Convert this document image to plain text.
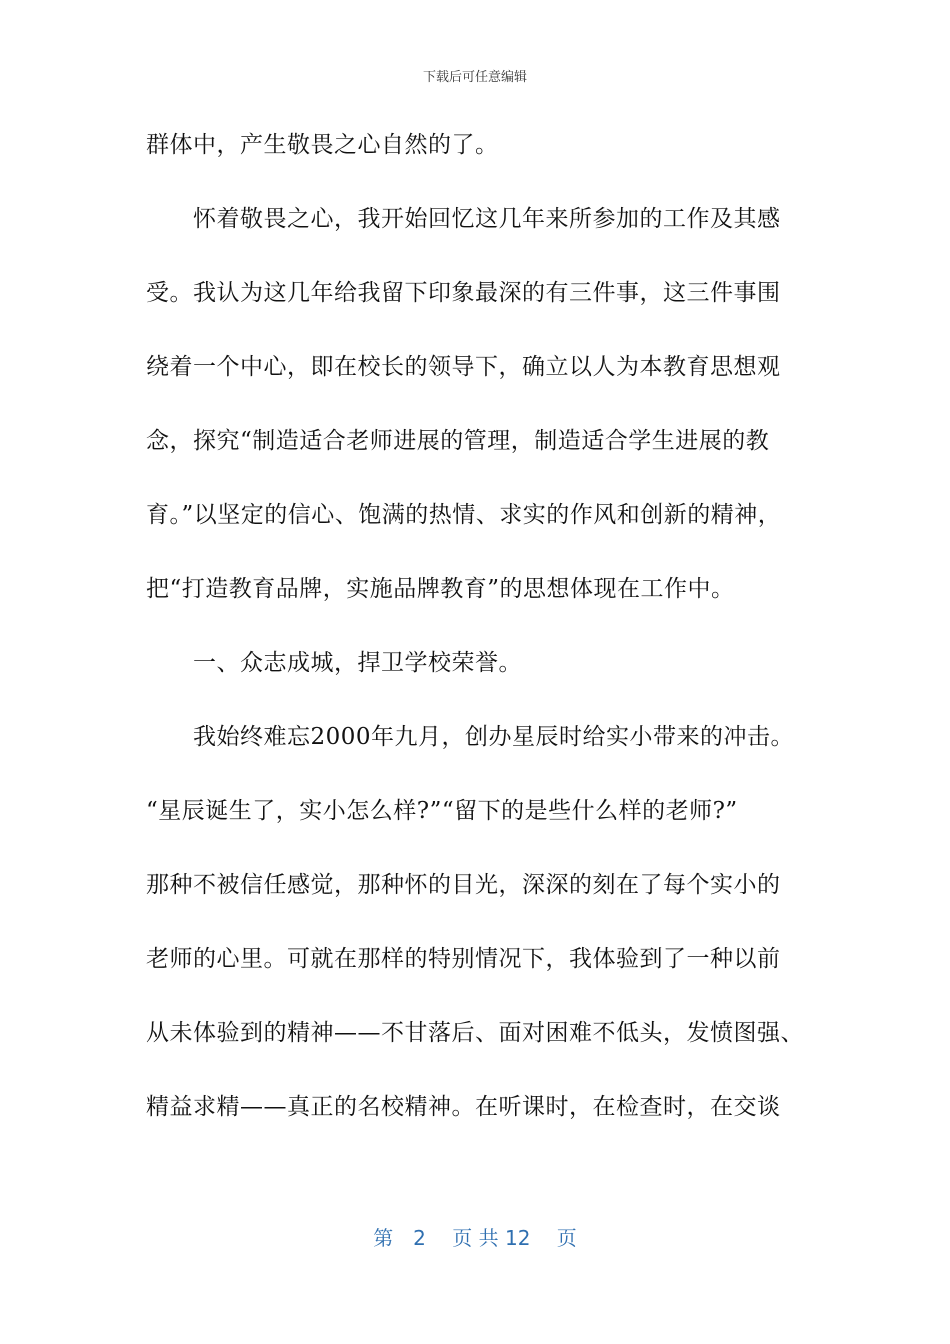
下载后可任意编辑
群体中，产生敬畏之心自然的了。
　　怀着敬畏之心，我开始回忆这几年来所参加的工作及其感
受。我认为这几年给我留下印象最深的有三件事，这三件事围
绕着一个中心，即在校长的领导下，确立以人为本教育思想观
念，探究“制造适合老师进展的管理，制造适合学生进展的教
育。”以坚定的信心、饱满的热情、求实的作风和创新的精神，
把“打造教育品牌，实施品牌教育”的思想体现在工作中。
　　一、众志成城，捍卫学校荣誉。
　　我始终难忘2000年九月，创办星辰时给实小带来的冲击。
“星辰诞生了，实小怎么样?”“留下的是些什么样的老师?”
那种不被信任感觉，那种怀的目光，深深的刻在了每个实小的
老师的心里。可就在那样的特别情况下，我体验到了一种以前
从未体验到的精神——不甘落后、面对困难不低头，发愤图强、
精益求精——真正的名校精神。在听课时，在检查时，在交谈
第　2　 页 共 12　 页
